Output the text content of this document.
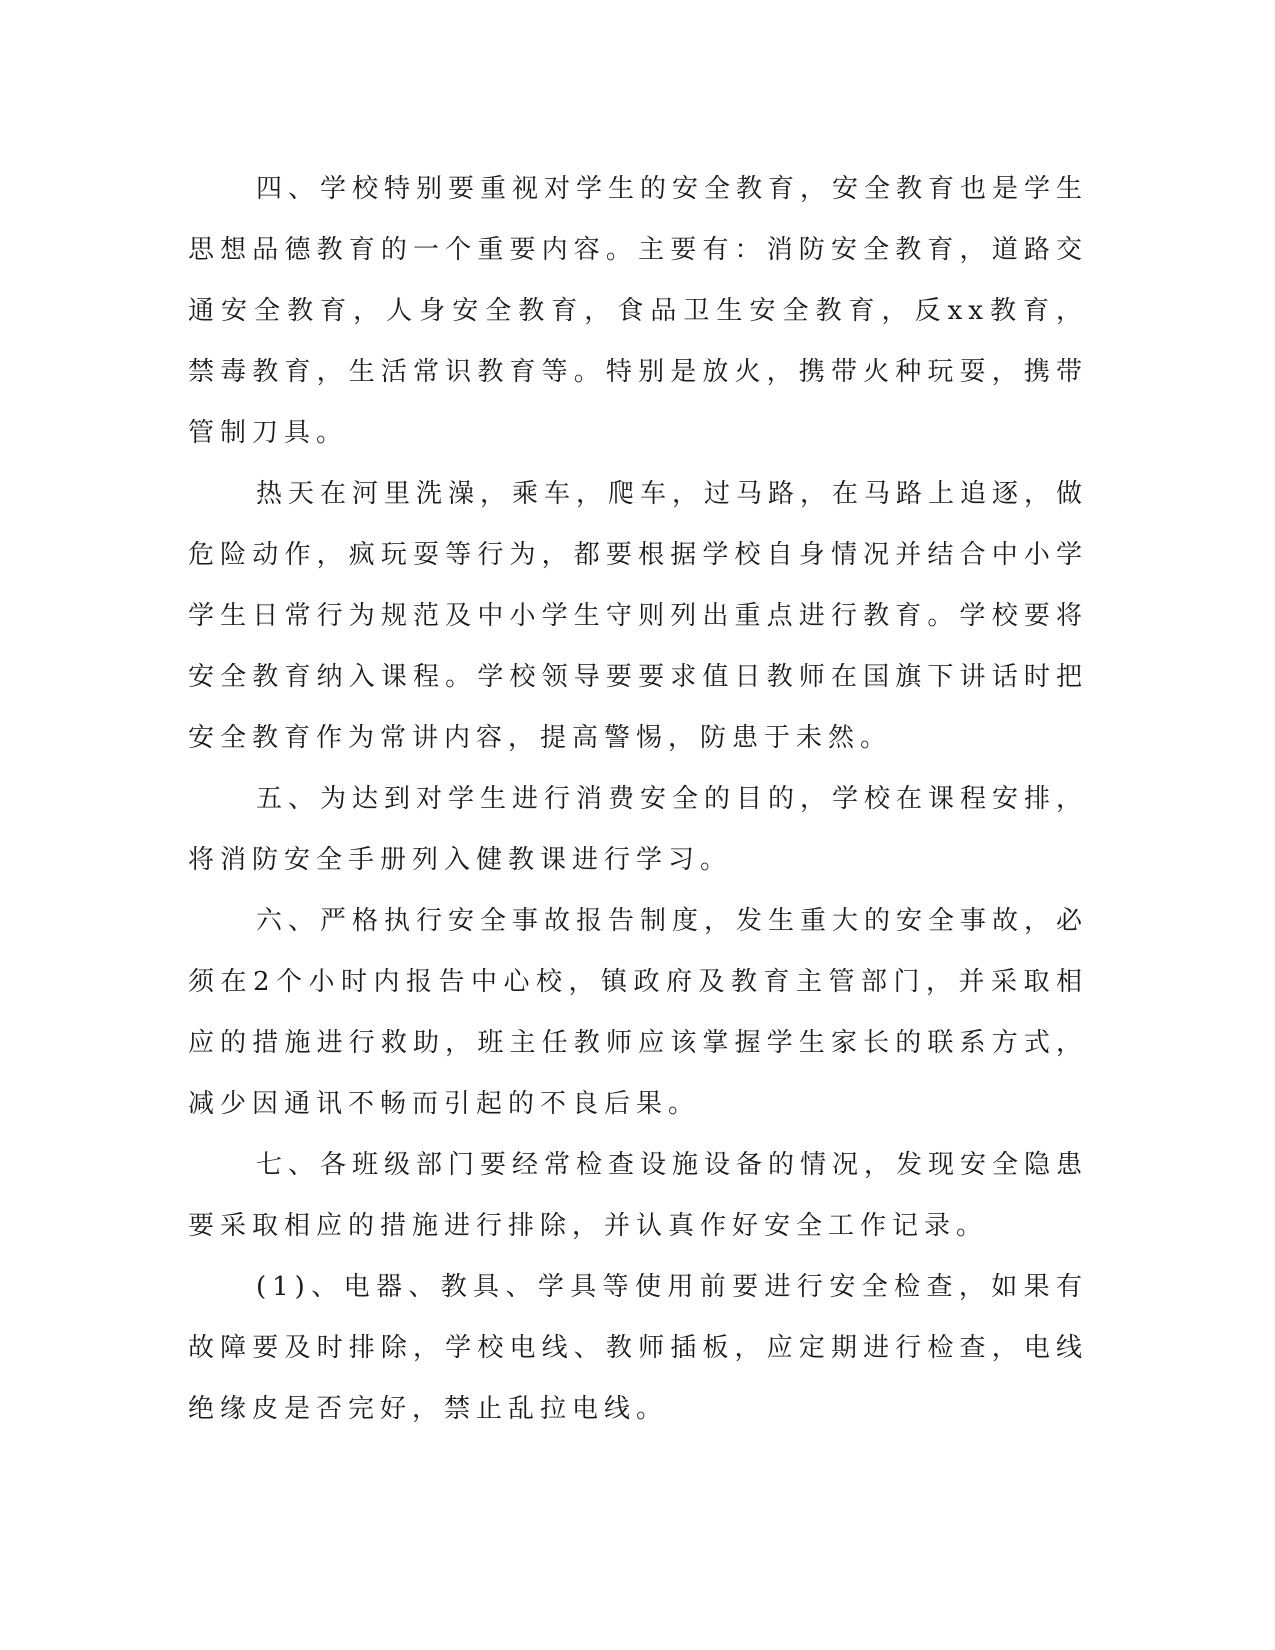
四、学校特别要重视对学生的安全教育，安全教育也是学生思想品德教育的一个重要内容。主要有：消防安全教育，道路交通安全教育，人身安全教育，食品卫生安全教育，反xx教育，禁毒教育，生活常识教育等。特别是放火，携带火种玩耍，携带管制刀具。

热天在河里洗澡，乘车，爬车，过马路，在马路上追逐，做危险动作，疯玩耍等行为，都要根据学校自身情况并结合中小学学生日常行为规范及中小学生守则列出重点进行教育。学校要将安全教育纳入课程。学校领导要要求值日教师在国旗下讲话时把安全教育作为常讲内容，提高警惕，防患于未然。

五、为达到对学生进行消费安全的目的，学校在课程安排，将消防安全手册列入健教课进行学习。

六、严格执行安全事故报告制度，发生重大的安全事故，必须在2个小时内报告中心校，镇政府及教育主管部门，并采取相应的措施进行救助，班主任教师应该掌握学生家长的联系方式，减少因通讯不畅而引起的不良后果。

七、各班级部门要经常检查设施设备的情况，发现安全隐患要采取相应的措施进行排除，并认真作好安全工作记录。

(1)、电器、教具、学具等使用前要进行安全检查，如果有故障要及时排除，学校电线、教师插板，应定期进行检查，电线绝缘皮是否完好，禁止乱拉电线。
